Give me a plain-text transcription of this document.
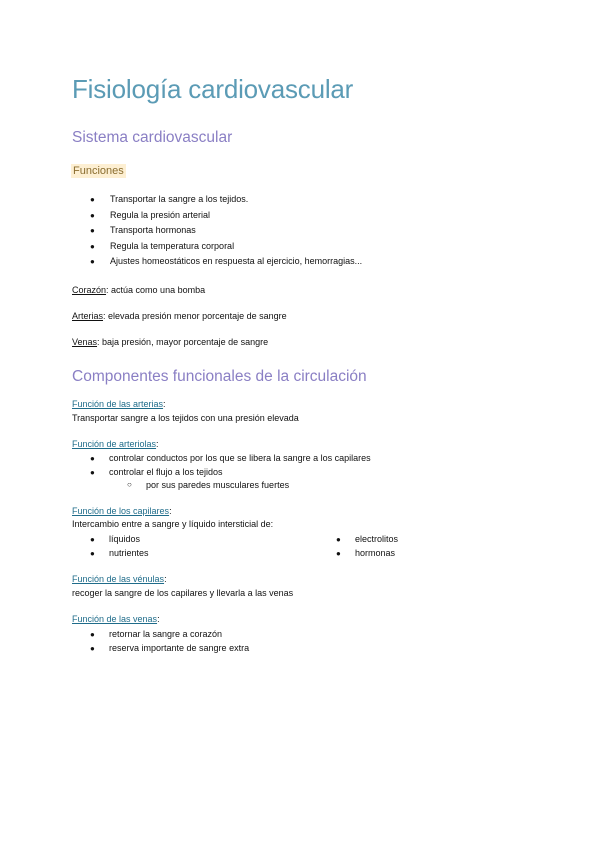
Fisiología cardiovascular
Sistema cardiovascular
Funciones
● Transportar la sangre a los tejidos.
● Regula la presión arterial
● Transporta hormonas
● Regula la temperatura corporal
● Ajustes homeostáticos en respuesta al ejercicio, hemorragias...
Corazón: actúa como una bomba
Arterias: elevada presión menor porcentaje de sangre
Venas: baja presión, mayor porcentaje de sangre
Componentes funcionales de la circulación
Función de las arterias:
Transportar sangre a los tejidos con una presión elevada
Función de arteriolas:
● controlar conductos por los que se libera la sangre a los capilares
● controlar el flujo a los tejidos
○ por sus paredes musculares fuertes
Función de los capilares:
Intercambio entre a sangre y líquido intersticial de:
● líquidos
● nutrientes
● electrolitos
● hormonas
Función de las vénulas:
recoger la sangre de los capilares y llevarla a las venas
Función de las venas:
● retornar la sangre a corazón
● reserva importante de sangre extra
